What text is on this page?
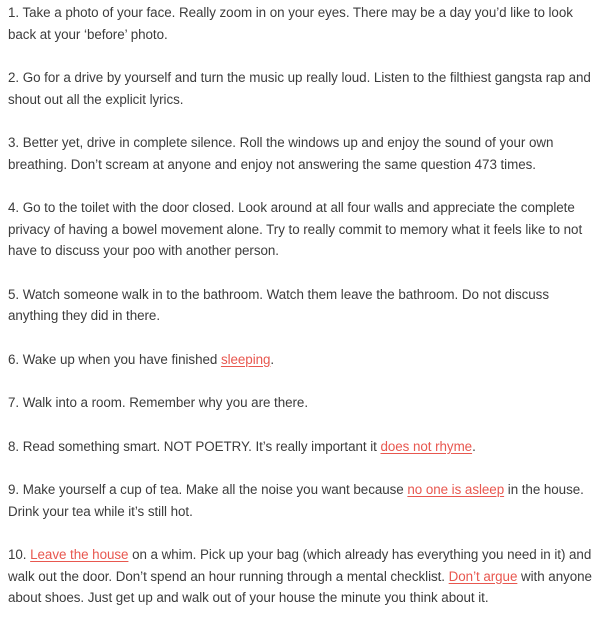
1. Take a photo of your face. Really zoom in on your eyes. There may be a day you’d like to look back at your ‘before’ photo.

2. Go for a drive by yourself and turn the music up really loud. Listen to the filthiest gangsta rap and shout out all the explicit lyrics.

3. Better yet, drive in complete silence. Roll the windows up and enjoy the sound of your own breathing. Don’t scream at anyone and enjoy not answering the same question 473 times.

4. Go to the toilet with the door closed. Look around at all four walls and appreciate the complete privacy of having a bowel movement alone. Try to really commit to memory what it feels like to not have to discuss your poo with another person.

5. Watch someone walk in to the bathroom. Watch them leave the bathroom. Do not discuss anything they did in there.

6. Wake up when you have finished sleeping.

7. Walk into a room. Remember why you are there.

8. Read something smart. NOT POETRY. It’s really important it does not rhyme.

9. Make yourself a cup of tea. Make all the noise you want because no one is asleep in the house. Drink your tea while it’s still hot.

10. Leave the house on a whim. Pick up your bag (which already has everything you need in it) and walk out the door. Don’t spend an hour running through a mental checklist. Don’t argue with anyone about shoes. Just get up and walk out of your house the minute you think about it.
